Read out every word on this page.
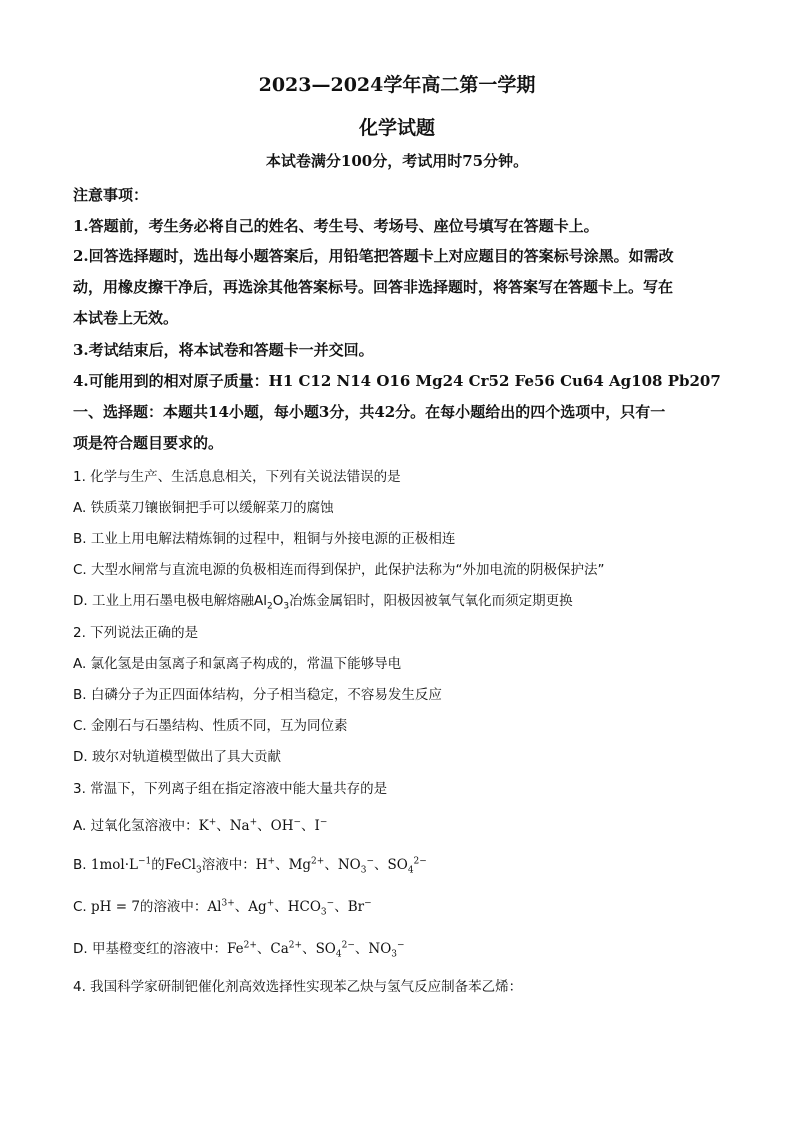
2023—2024学年高二第一学期
化学试题
本试卷满分100分，考试用时75分钟。
注意事项：
1.答题前，考生务必将自己的姓名、考生号、考场号、座位号填写在答题卡上。
2.回答选择题时，选出每小题答案后，用铅笔把答题卡上对应题目的答案标号涂黑。如需改
动，用橡皮擦干净后，再选涂其他答案标号。回答非选择题时，将答案写在答题卡上。写在
本试卷上无效。
3.考试结束后，将本试卷和答题卡一并交回。
4.可能用到的相对原子质量：H1 C12 N14 O16 Mg24 Cr52 Fe56 Cu64 Ag108 Pb207
一、选择题：本题共14小题，每小题3分，共42分。在每小题给出的四个选项中，只有一
项是符合题目要求的。
1. 化学与生产、生活息息相关，下列有关说法错误的是
A. 铁质菜刀镶嵌铜把手可以缓解菜刀的腐蚀
B. 工业上用电解法精炼铜的过程中，粗铜与外接电源的正极相连
C. 大型水闸常与直流电源的负极相连而得到保护，此保护法称为“外加电流的阴极保护法”
D. 工业上用石墨电极电解熔融$Al_2O_3$冶炼金属铝时，阳极因被氧气氧化而须定期更换
2. 下列说法正确的是
A. 氯化氢是由氢离子和氯离子构成的，常温下能够导电
B. 白磷分子为正四面体结构，分子相当稳定，不容易发生反应
C. 金刚石与石墨结构、性质不同，互为同位素
D. 玻尔对轨道模型做出了具大贡献
3. 常温下，下列离子组在指定溶液中能大量共存的是
A. 过氧化氢溶液中：K+、Na+、OH−、I−
B. $1mol\cdot L^{-1}$的FeCl$_3$溶液中：H+、$Mg^{2+}$、$NO_3^-$、$SO_4^{2-}$
C. pH = 7的溶液中：$Al^{3+}$、Ag+、$HCO_3^-$、Br−
D. 甲基橙变红的溶液中：$Fe^{2+}$、$Ca^{2+}$、$SO_4^{2-}$、$NO_3^-$
4. 我国科学家研制钯催化剂高效选择性实现苯乙炔与氢气反应制备苯乙烯：
